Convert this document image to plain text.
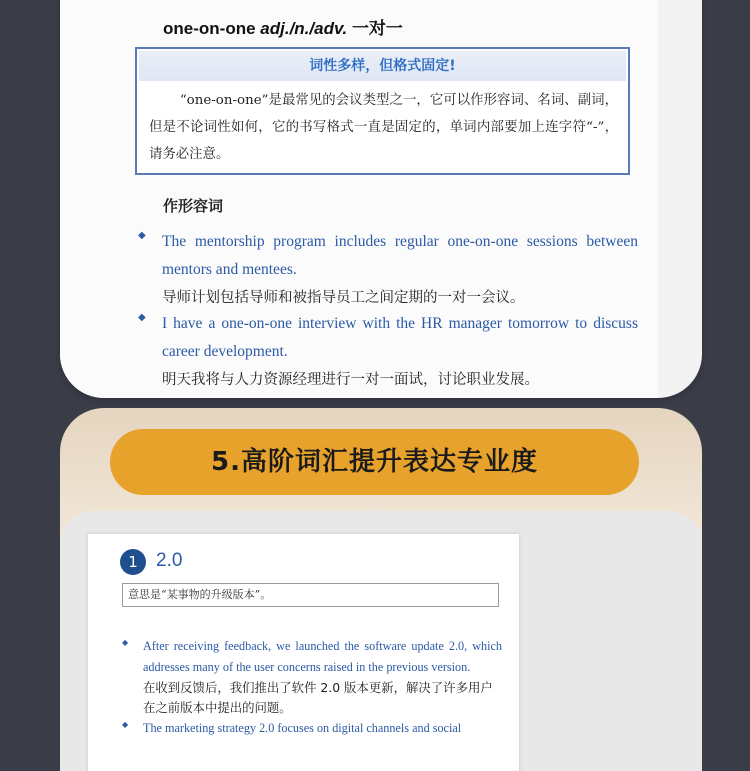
one-on-one adj./n./adv. 一对一
词性多样，但格式固定!
“one-on-one”是最常见的会议类型之一，它可以作形容词、名词、副词，但是不论词性如何，它的书写格式一直是固定的，单词内部要加上连字符“-”，请务必注意。
作形容词
◆ The mentorship program includes regular one-on-one sessions between mentors and mentees.
导师计划包括导师和被指导员工之间定期的一对一会议。
◆ I have a one-on-one interview with the HR manager tomorrow to discuss career development.
明天我将与人力资源经理进行一对一面试，讨论职业发展。
5.高阶词汇提升表达专业度
1 2.0
意思是“某事物的升级版本”。
◆ After receiving feedback, we launched the software update 2.0, which addresses many of the user concerns raised in the previous version.
在收到反馈后，我们推出了软件 2.0 版本更新，解决了许多用户在之前版本中提出的问题。
◆ The marketing strategy 2.0 focuses on digital channels and social
